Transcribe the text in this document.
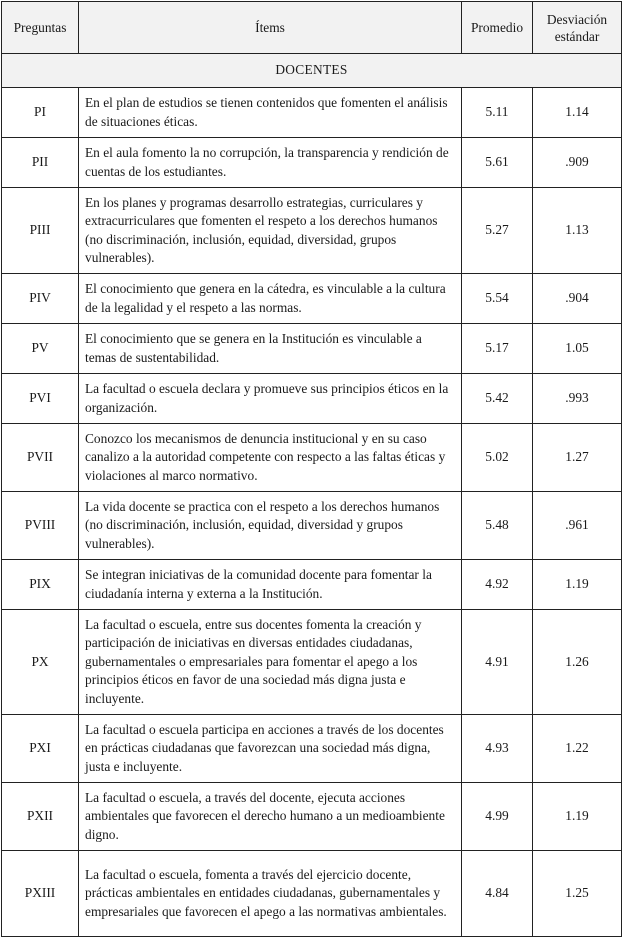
Preguntas	Ítems	Promedio	Desviación estándar
DOCENTES			
PI	En el plan de estudios se tienen contenidos que fomenten el análisis de situaciones éticas.	5.11	1.14
PII	En el aula fomento la no corrupción, la transparencia y rendición de cuentas de los estudiantes.	5.61	.909
PIII	En los planes y programas desarrollo estrategias, curriculares y extracurriculares que fomenten el respeto a los derechos humanos (no discriminación, inclusión, equidad, diversidad, grupos vulnerables).	5.27	1.13
PIV	El conocimiento que genera en la cátedra, es vinculable a la cultura de la legalidad y el respeto a las normas.	5.54	.904
PV	El conocimiento que se genera en la Institución es vinculable a temas de sustentabilidad.	5.17	1.05
PVI	La facultad o escuela declara y promueve sus principios éticos en la organización.	5.42	.993
PVII	Conozco los mecanismos de denuncia institucional y en su caso canalizo a la autoridad competente con respecto a las faltas éticas y violaciones al marco normativo.	5.02	1.27
PVIII	La vida docente se practica con el respeto a los derechos humanos (no discriminación, inclusión, equidad, diversidad y grupos vulnerables).	5.48	.961
PIX	Se integran iniciativas de la comunidad docente para fomentar la ciudadanía interna y externa a la Institución.	4.92	1.19
PX	La facultad o escuela, entre sus docentes fomenta la creación y participación de iniciativas en diversas entidades ciudadanas, gubernamentales o empresariales para fomentar el apego a los principios éticos en favor de una sociedad más digna justa e incluyente.	4.91	1.26
PXI	La facultad o escuela participa en acciones a través de los docentes en prácticas ciudadanas que favorezcan una sociedad más digna, justa e incluyente.	4.93	1.22
PXII	La facultad o escuela, a través del docente, ejecuta acciones ambientales que favorecen el derecho humano a un medioambiente digno.	4.99	1.19
PXIII	La facultad o escuela, fomenta a través del ejercicio docente, prácticas ambientales en entidades ciudadanas, gubernamentales y empresariales que favorecen el apego a las normativas ambientales.	4.84	1.25
